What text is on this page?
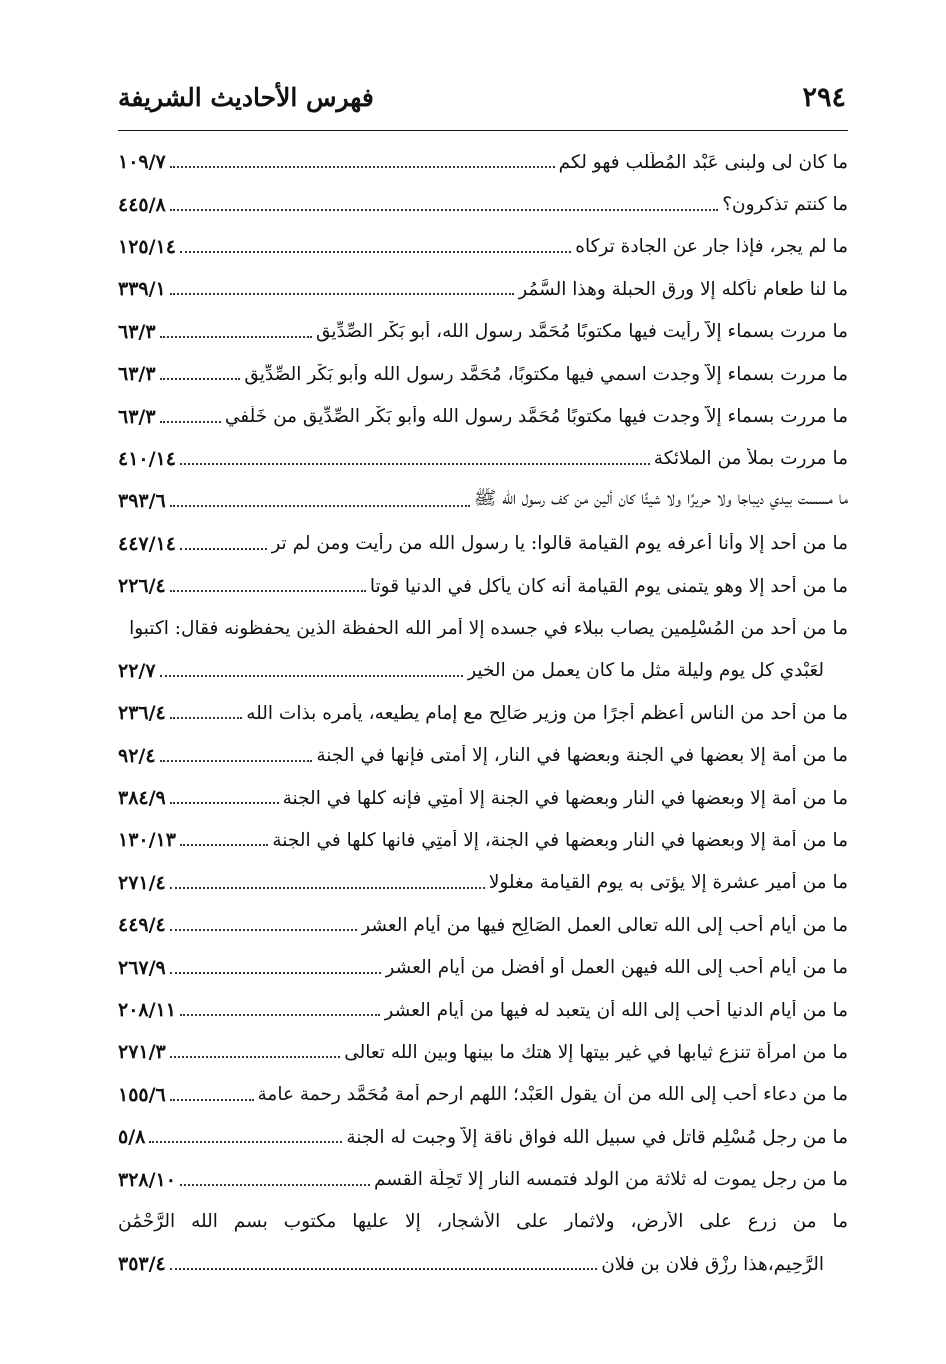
٢٩٤
فهرس الأحاديث الشريفة
ما كان لى ولبنى عَبْد المُطَّلب فهو لكم
١٠٩/٧
ما كنتم تذكرون؟
٤٤٥/٨
ما لم يجر، فإذا جار عن الجادة تركاه
١٢٥/١٤
ما لنا طعام نأكله إلا ورق الحبلة وهذا السَّمُر
٣٣٩/١
ما مررت بسماء إلاّ رأيت فيها مكتوبًا مُحَمَّد رسول الله، أبو بَكْر الصِّدِّيق
٦٣/٣
ما مررت بسماء إلاّ وجدت اسمي فيها مكتوبًا، مُحَمَّد رسول الله وأبو بَكْر الصِّدِّيق
٦٣/٣
ما مررت بسماء إلاّ وجدت فيها مكتوبًا مُحَمَّد رسول الله وأبو بَكْر الصِّدِّيق من خَلْفي
٦٣/٣
ما مررت بملأ من الملائكة
٤١٠/١٤
ما مسست بيدي ديباجا ولا حريرًا ولا شيئًا كان ألين من كف رسول الله ﷺ
٣٩٣/٦
ما من أحد إلا وأنا أعرفه يوم القيامة قالوا: يا رسول الله من رأيت ومن لم تر
٤٤٧/١٤
ما من أحد إلا وهو يتمنى يوم القيامة أنه كان يأكل في الدنيا قوتا
٢٢٦/٤
ما من أحد من المُسْلِمين يصاب ببلاء في جسده إلا أمر الله الحفظة الذين يحفظونه فقال: اكتبوا
لعَبْدي كل يوم وليلة مثل ما كان يعمل من الخير
٢٢/٧
ما من أحد من الناس أعظم أجرًا من وزير صَالِح مع إمام يطيعه، يأمره بذات الله
٢٣٦/٤
ما من أمة إلا بعضها في الجنة وبعضها في النار، إلا أمتى فإنها في الجنة
٩٢/٤
ما من أمة إلا وبعضها في النار وبعضها في الجنة إلا أمتِي فإنه كلها في الجنة
٣٨٤/٩
ما من أمة إلا وبعضها في النار وبعضها في الجنة، إلا أمتِي فانها كلها في الجنة
١٣٠/١٣
ما من أمير عشرة إلا يؤتى به يوم القيامة مغلولا
٢٧١/٤
ما من أيام أحب إلى الله تعالى العمل الصَالِح فيها من أيام العشر
٤٤٩/٤
ما من أيام أحب إلى الله فيهن العمل أو أفضل من أيام العشر
٢٦٧/٩
ما من أيام الدنيا أحب إلى الله أن يتعبد له فيها من أيام العشر
٢٠٨/١١
ما من امرأة تنزع ثيابها في غير بيتها إلا هتك ما بينها وبين الله تعالى
٢٧١/٣
ما من دعاء أحب إلى الله من أن يقول العَبْد؛ اللهم ارحم أمة مُحَمَّد رحمة عامة
١٥٥/٦
ما من رجل مُسْلِم قاتل في سبيل الله فواق ناقة إلاّ وجبت له الجنة
٥/٨
ما من رجل يموت له ثلاثة من الولد فتمسه النار إلا تَحِلَّة القسم
٣٢٨/١٠
ما من زرع على الأرض، ولاثمار على الأشجار، إلا عليها مكتوب بسم الله الرَّحْمَٰن
الرَّحِيم،هذا رِزْق فلان بن فلان
٣٥٣/٤
